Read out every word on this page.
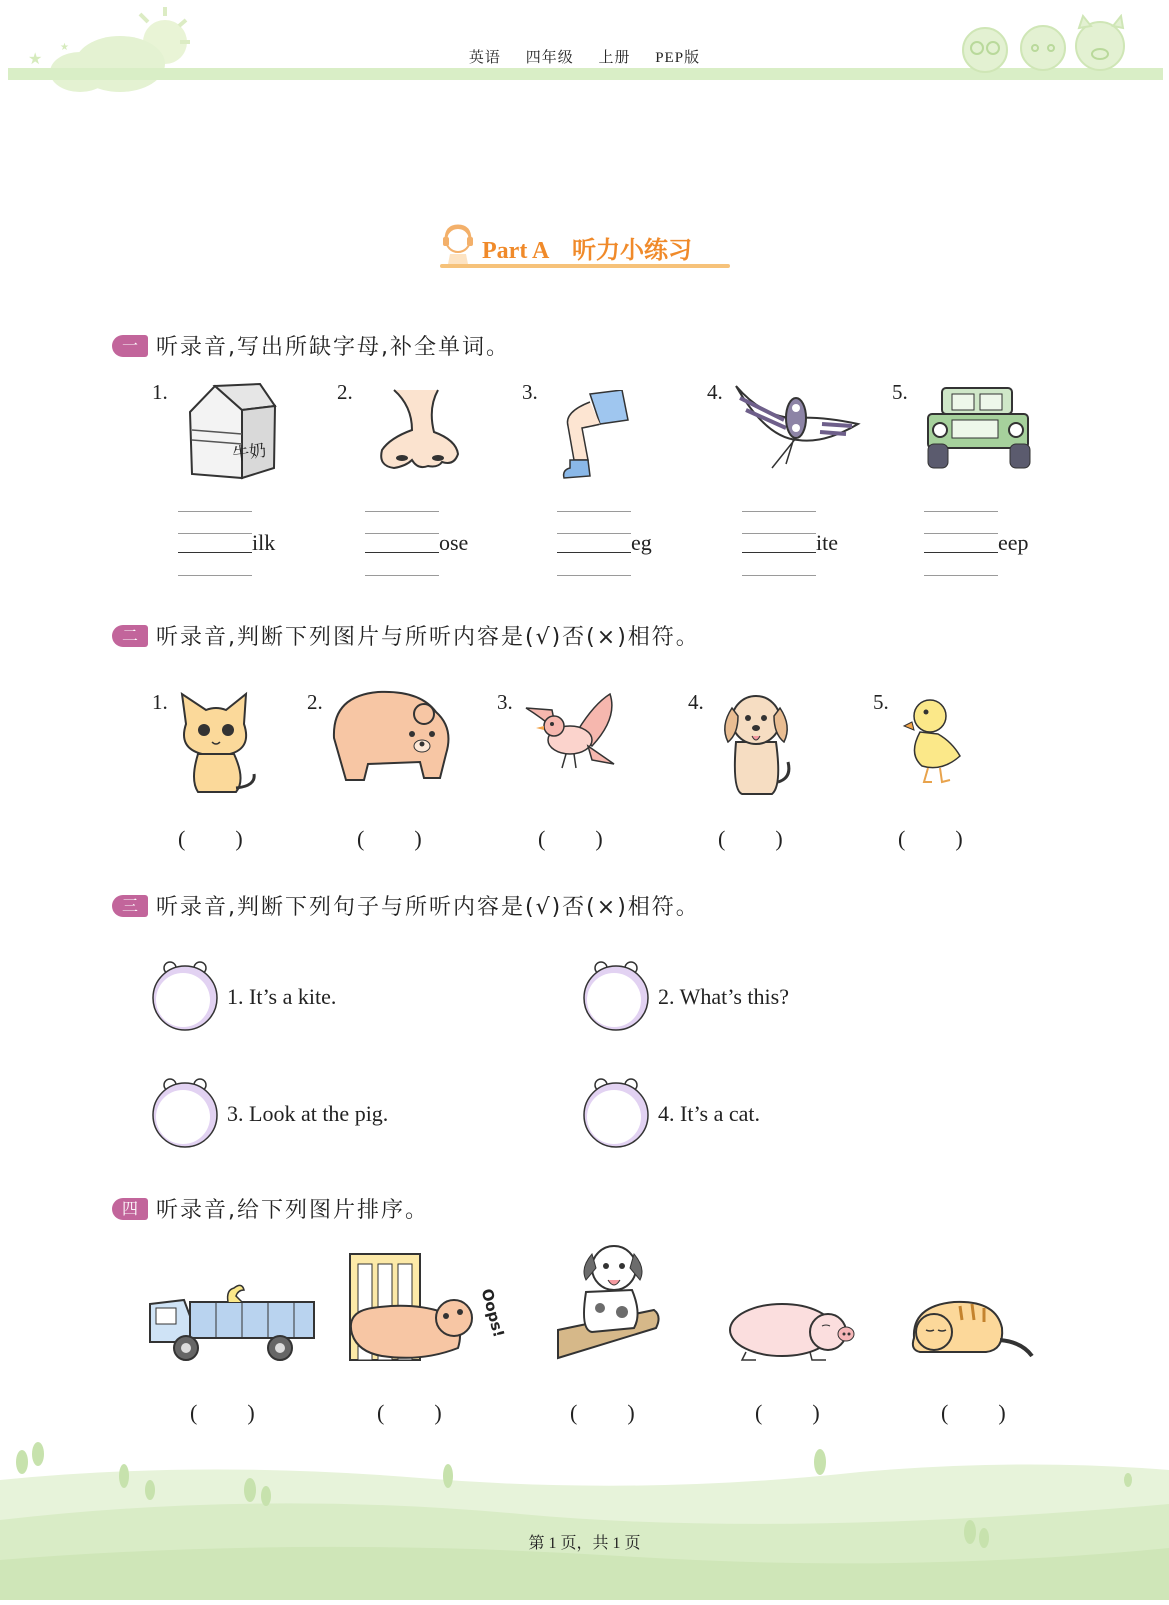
★
★
英语 四年级 上册 PEP版
Part A　听力小练习
一 听录音,写出所缺字母,补全单词。
1.	2.	3.	4.	5.
牛奶
ilk	ose	eg	ite	eep
二 听录音,判断下列图片与所听内容是(√)否(×)相符。
1.	2.	3.	4.	5.
(　　)	(　　)	(　　)	(　　)	(　　)
三 听录音,判断下列句子与所听内容是(√)否(×)相符。
1. It’s a kite.	2. What’s this?
3. Look at the pig.	4. It’s a cat.
四 听录音,给下列图片排序。
Oops!
(　　)	(　　)	(　　)	(　　)	(　　)
第 1 页，共 1 页
